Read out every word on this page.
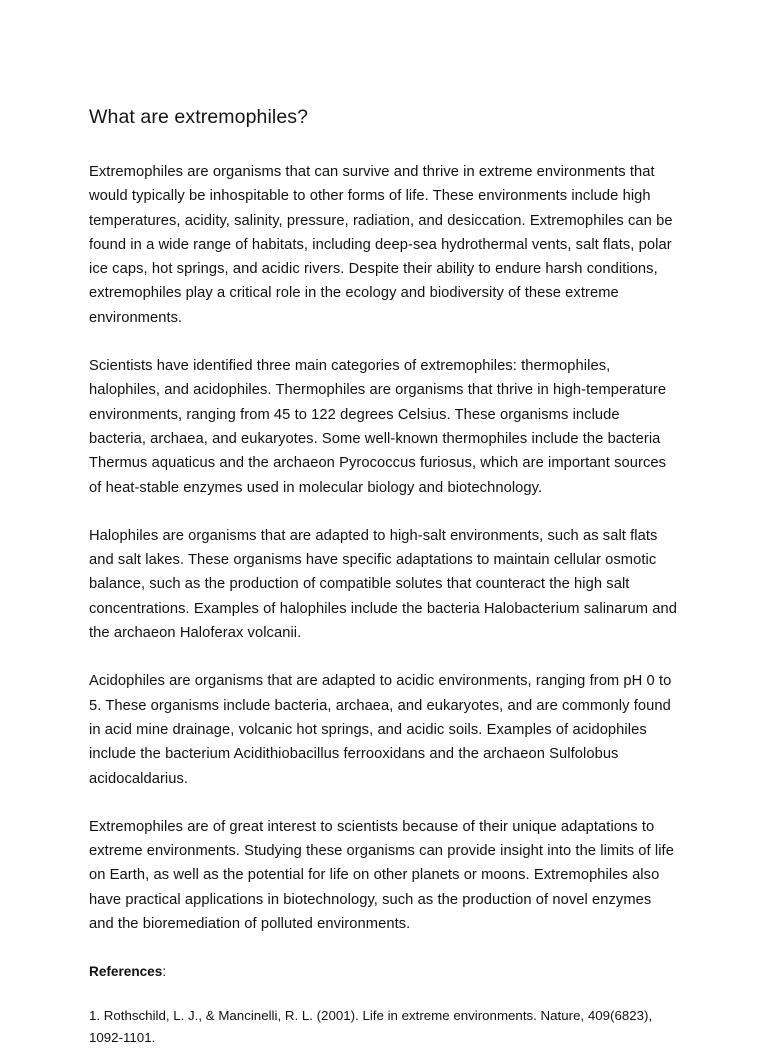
What are extremophiles?

Extremophiles are organisms that can survive and thrive in extreme environments that would typically be inhospitable to other forms of life. These environments include high temperatures, acidity, salinity, pressure, radiation, and desiccation. Extremophiles can be found in a wide range of habitats, including deep-sea hydrothermal vents, salt flats, polar ice caps, hot springs, and acidic rivers. Despite their ability to endure harsh conditions, extremophiles play a critical role in the ecology and biodiversity of these extreme environments.

Scientists have identified three main categories of extremophiles: thermophiles, halophiles, and acidophiles. Thermophiles are organisms that thrive in high-temperature environments, ranging from 45 to 122 degrees Celsius. These organisms include bacteria, archaea, and eukaryotes. Some well-known thermophiles include the bacteria Thermus aquaticus and the archaeon Pyrococcus furiosus, which are important sources of heat-stable enzymes used in molecular biology and biotechnology.

Halophiles are organisms that are adapted to high-salt environments, such as salt flats and salt lakes. These organisms have specific adaptations to maintain cellular osmotic balance, such as the production of compatible solutes that counteract the high salt concentrations. Examples of halophiles include the bacteria Halobacterium salinarum and the archaeon Haloferax volcanii.

Acidophiles are organisms that are adapted to acidic environments, ranging from pH 0 to 5. These organisms include bacteria, archaea, and eukaryotes, and are commonly found in acid mine drainage, volcanic hot springs, and acidic soils. Examples of acidophiles include the bacterium Acidithiobacillus ferrooxidans and the archaeon Sulfolobus acidocaldarius.

Extremophiles are of great interest to scientists because of their unique adaptations to extreme environments. Studying these organisms can provide insight into the limits of life on Earth, as well as the potential for life on other planets or moons. Extremophiles also have practical applications in biotechnology, such as the production of novel enzymes and the bioremediation of polluted environments.

References:

1. Rothschild, L. J., & Mancinelli, R. L. (2001). Life in extreme environments. Nature, 409(6823), 1092-1101.
